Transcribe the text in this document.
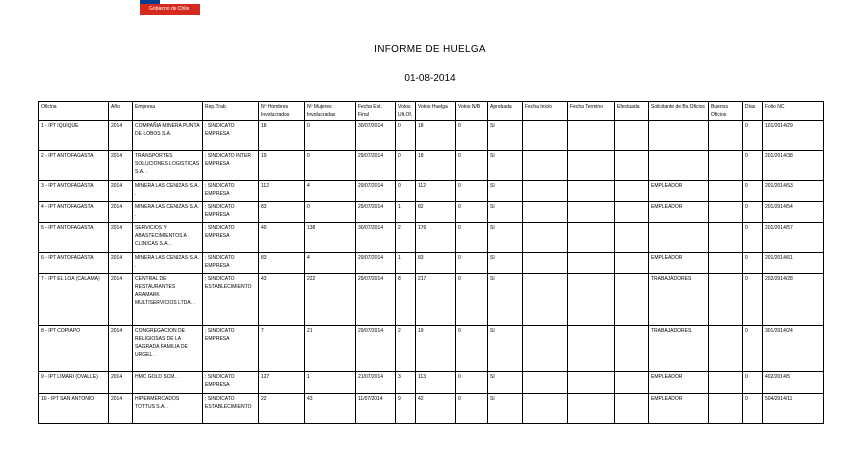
Gobierno de Chile
INFORME DE HUELGA
01-08-2014
Oficina	Año	Empresa	Rep.Trab.	Nº Hombres Involucrados	Nº Mujeres Involucradas	Fecha Ext. Final	Votos Ult.Of.	Votos Huelga	Votos N/B	Aprobada	Fecha Inicio	Fecha Termino	Efectuada	Solicitante de Bs.Oficios	Buenos Oficios	Días	Folio NC
1 - IPT IQUIQUE	2014	COMPAÑIA MINERA PUNTA DE LOBOS S.A.	; SINDICATO EMPRESA	18	0	30/07/2014	0	18	0	SI						0	101/2014/29
2 - IPT ANTOFAGASTA	2014	TRANSPORTES SOLUCIONES LOGISTICAS S.A. .	; SINDICATO INTER EMPRESA	19	0	29/07/2014	0	18	0	SI						0	201/2014/38
3 - IPT ANTOFAGASTA	2014	MINERA LAS CENIZAS S.A. .	; SINDICATO EMPRESA	112	4	29/07/2014	0	112	0	SI				EMPLEADOR		0	201/2014/53
4 - IPT ANTOFAGASTA	2014	MINERA LAS CENIZAS S.A. .	; SINDICATO EMPRESA	83	0	29/07/2014	1	82	0	SI				EMPLEADOR		0	201/2014/54
5 - IPT ANTOFAGASTA	2014	SERVICIOS Y ABASTECIMIENTOS A CLINICAS S.A. .	; SINDICATO EMPRESA	40	138	30/07/2014	2	176	0	SI						0	201/2014/57
6 - IPT ANTOFAGASTA	2014	MINERA LAS CENIZAS S.A. .	; SINDICATO EMPRESA	83	4	29/07/2014	1	83	0	SI				EMPLEADOR		0	201/2014/61
7 - IPT EL LOA (CALAMA)	2014	CENTRAL DE RESTAURANTES ARAMARK MULTISERVICIOS LTDA. .	; SINDICATO ESTABLECIMIENTO	43	222	29/07/2014	8	217	0	SI				TRABAJADORES		0	202/2014/28
8 - IPT COPIAPO	2014	CONGREGACION DE RELIGIOSAS DE LA SAGRADA FAMILIA DE URGEL .	; SINDICATO EMPRESA	7	21	29/07/2014	2	19	0	SI				TRABAJADORES		0	301/2014/24
9 - IPT LIMARI (OVALLE)	2014	HMC GOLD SCM. .	; SINDICATO EMPRESA	127	1	21/07/2014	3	113	0	SI				EMPLEADOR		0	402/2014/5
10 - IPT SAN ANTONIO	2014	HIPERMERCADOS TOTTUS S.A. .	; SINDICATO ESTABLECIMIENTO	22	43	11/07/2014	9	42	0	SI				EMPLEADOR		0	504/2014/11
